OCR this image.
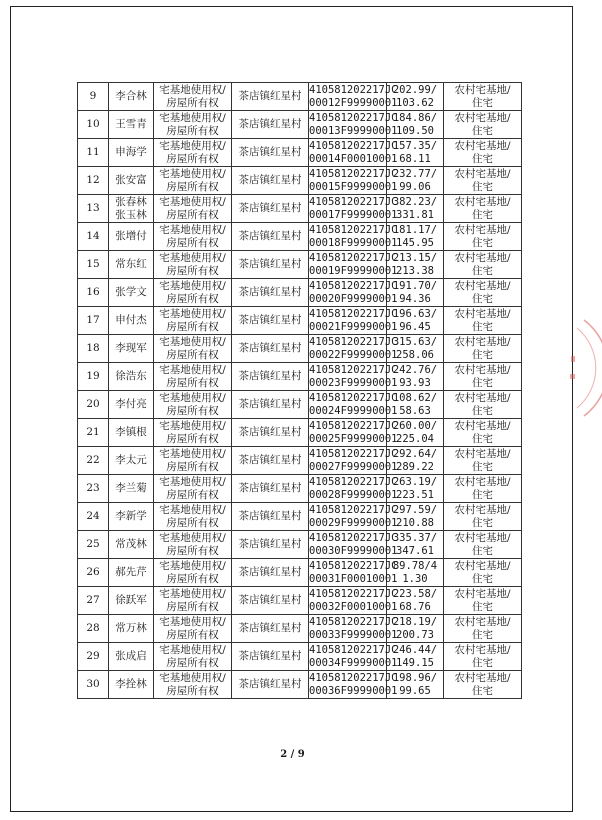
9	李合林	宅基地使用权/
房屋所有权	茶店镇红星村	410581202217JC
00012F99990001	202.99/
103.62	农村宅基地/
住宅

10	王雪青	宅基地使用权/
房屋所有权	茶店镇红星村	410581202217JC
00013F99990001	184.86/
109.50	农村宅基地/
住宅

11	申海学	宅基地使用权/
房屋所有权	茶店镇红星村	410581202217JC
00014F00010001	157.35/
68.11	农村宅基地/
住宅

12	张安富	宅基地使用权/
房屋所有权	茶店镇红星村	410581202217JC
00015F99990001	232.77/
99.06	农村宅基地/
住宅

13	张春林
张玉林	宅基地使用权/
房屋所有权	茶店镇红星村	410581202217JC
00017F99990001	382.23/
331.81	农村宅基地/
住宅

14	张增付	宅基地使用权/
房屋所有权	茶店镇红星村	410581202217JC
00018F99990001	181.17/
145.95	农村宅基地/
住宅

15	常东红	宅基地使用权/
房屋所有权	茶店镇红星村	410581202217JC
00019F99990001	213.15/
213.38	农村宅基地/
住宅

16	张学文	宅基地使用权/
房屋所有权	茶店镇红星村	410581202217JC
00020F99990001	191.70/
94.36	农村宅基地/
住宅

17	申付杰	宅基地使用权/
房屋所有权	茶店镇红星村	410581202217JC
00021F99990001	196.63/
96.45	农村宅基地/
住宅

18	李现军	宅基地使用权/
房屋所有权	茶店镇红星村	410581202217JC
00022F99990001	315.63/
258.06	农村宅基地/
住宅

19	徐浩东	宅基地使用权/
房屋所有权	茶店镇红星村	410581202217JC
00023F99990001	242.76/
93.93	农村宅基地/
住宅

20	李付亮	宅基地使用权/
房屋所有权	茶店镇红星村	410581202217JC
00024F99990001	108.62/
58.63	农村宅基地/
住宅

21	李镇根	宅基地使用权/
房屋所有权	茶店镇红星村	410581202217JC
00025F99990001	260.00/
225.04	农村宅基地/
住宅

22	李太元	宅基地使用权/
房屋所有权	茶店镇红星村	410581202217JC
00027F99990001	292.64/
289.22	农村宅基地/
住宅

23	李兰菊	宅基地使用权/
房屋所有权	茶店镇红星村	410581202217JC
00028F99990001	263.19/
223.51	农村宅基地/
住宅

24	李新学	宅基地使用权/
房屋所有权	茶店镇红星村	410581202217JC
00029F99990001	297.59/
210.88	农村宅基地/
住宅

25	常茂林	宅基地使用权/
房屋所有权	茶店镇红星村	410581202217JC
00030F99990001	335.37/
347.61	农村宅基地/
住宅

26	郝先芹	宅基地使用权/
房屋所有权	茶店镇红星村	410581202217JC
00031F00010001	89.78/4
1.30	农村宅基地/
住宅

27	徐跃军	宅基地使用权/
房屋所有权	茶店镇红星村	410581202217JC
00032F00010001	223.58/
68.76	农村宅基地/
住宅

28	常万林	宅基地使用权/
房屋所有权	茶店镇红星村	410581202217JC
00033F99990001	218.19/
200.73	农村宅基地/
住宅

29	张成启	宅基地使用权/
房屋所有权	茶店镇红星村	410581202217JC
00034F99990001	246.44/
149.15	农村宅基地/
住宅

30	李拴林	宅基地使用权/
房屋所有权	茶店镇红星村	410581202217JC
00036F99990001	198.96/
99.65	农村宅基地/
住宅
2 / 9
